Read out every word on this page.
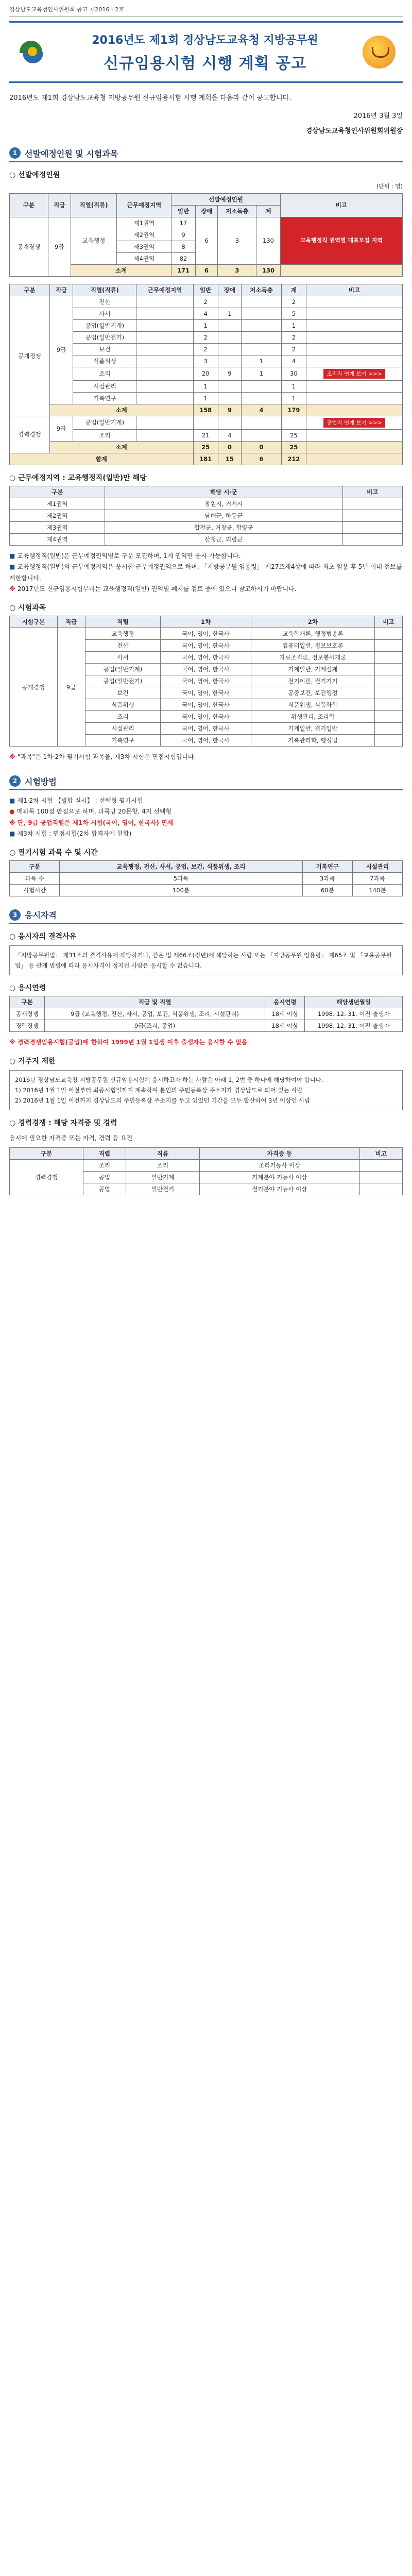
경상남도교육청인사위원회 공고 제2016 - 2호
2016년도 제1회 경상남도교육청 지방공무원
신규임용시험 시행 계획 공고
2016년도 제1회 경상남도교육청 지방공무원 신규임용시험 시행 계획을 다음과 같이 공고합니다.
2016년 3월 3일
경상남도교육청인사위원회위원장
1 선발예정인원 및 시험과목
○ 선발예정인원
(단위 : 명)
구분	직급	직렬(직류)	근무예정지역	선발예정인원				비고
				일반	장애	저소득층	계	
공개경쟁	9급	교육행정	제1권역	17	6	3	130	교육행정직 권역별 대표모집 지역
			제2권역	9				
			제3권역	8				
			제4권역	82				
		소계		171	6	3	130	
구분	직급	직렬(직류)	근무예정지역	일반	장애	저소득층	계	비고
공개경쟁	9급	전산		2			2	
		사서		4	1		5	
		공업(일반기계)		1			1	
		공업(일반전기)		2			2	
		보건		2			2	
		식품위생		3		1	4	
		조리		20	9	1	30	조리직 연계 보기 >>>
		시설관리		1			1	
		기록연구		1			1	
	소계			158	9	4	179	
경력경쟁	9급	공업(일반기계)						공업직 연계 보기 >>>
		조리		21	4		25	
	소계			25	0	0	25	
합계				181	15	6	212	
○ 근무예정지역 : 교육행정직(일반)만 해당
구분	해당 시·군	비고
제1권역	창원시, 거제시	
제2권역	남해군, 하동군	
제3권역	합천군, 거창군, 함양군	
제4권역	산청군, 의령군	
■ 교육행정직(일반)은 근무예정권역별로 구분 모집하며, 1개 권역만 응시 가능합니다.
■ 교육행정직(일반)의 근무예정지역은 응시한 근무예정권역으로 하며, 「지방공무원 임용령」 제27조제4항에 따라 최초 임용 후 5년 이내 전보를 제한합니다.
※ 2017년도 신규임용시험부터는 교육행정직(일반) 권역별 폐지를 검토 중에 있으니 참고하시기 바랍니다.
○ 시험과목
시험구분	직급	직렬	1차	2차	비고
공개경쟁	9급	교육행정	국어, 영어, 한국사	교육학개론, 행정법총론	
		전산	국어, 영어, 한국사	컴퓨터일반, 정보보호론	
		사서	국어, 영어, 한국사	자료조직론, 정보봉사개론	
		공업(일반기계)	국어, 영어, 한국사	기계일반, 기계설계	
		공업(일반전기)	국어, 영어, 한국사	전기이론, 전기기기	
		보건	국어, 영어, 한국사	공중보건, 보건행정	
		식품위생	국어, 영어, 한국사	식품위생, 식품화학	
		조리	국어, 영어, 한국사	위생관리, 조리학	
		시설관리	국어, 영어, 한국사	기계일반, 전기일반	
		기록연구	국어, 영어, 한국사	기록관리학, 행정법	
※ "과목"은 1차·2차 필기시험 과목을, 제3차 시험은 면접시험입니다.
2 시험방법
■ 제1·2차 시험 【병합 실시】 : 선택형 필기시험
● 매과목 100점 만점으로 하며, 과목당 20문항, 4지 선택형
※ 단, 9급 공업직렬은 제1차 시험(국어, 영어, 한국사) 면제
■ 제3차 시험 : 면접시험(2차 합격자에 한함)
○ 필기시험 과목 수 및 시간
구분	교육행정, 전산, 사서, 공업, 보건, 식품위생, 조리	기록연구	시설관리
과목 수	5과목	3과목	7과목
시험시간	100분	60분	140분
3 응시자격
○ 응시자의 결격사유
「지방공무원법」 제31조의 결격사유에 해당하거나, 같은 법 제66조(정년)에 해당하는 사람 또는 「지방공무원 임용령」 제65조 및 「교육공무원법」 등 관계 법령에 따라 응시자격이 정지된 사람은 응시할 수 없습니다.
○ 응시연령
구분	직급 및 직렬	응시연령	해당생년월일
공개경쟁	9급 (교육행정, 전산, 사서, 공업, 보건, 식품위생, 조리, 시설관리)	18세 이상	1998. 12. 31. 이전 출생자
경력경쟁	9급(조리, 공업)	18세 이상	1998. 12. 31. 이전 출생자
※ 경력경쟁임용시험(공업)에 한하여 1999년 1월 1일생 이후 출생자는 응시할 수 없음
○ 거주지 제한
2016년 경상남도교육청 지방공무원 신규임용시험에 응시하고자 하는 사람은 아래 1, 2번 중 하나에 해당하여야 합니다.
1) 2016년 1월 1일 이전부터 최종시험일까지 계속하여 본인의 주민등록상 주소지가 경상남도로 되어 있는 사람
2) 2016년 1월 1일 이전까지 경상남도의 주민등록상 주소지를 두고 있었던 기간을 모두 합산하여 3년 이상인 사람
○ 경력경쟁 : 해당 자격증 및 경력
응시에 필요한 자격증 또는 자격, 경력 등 요건
구분	직렬	직류	자격증 등	비고
경력경쟁	조리	조리	조리기능사 이상	
	공업	일반기계	기계분야 기능사 이상	
	공업	일반전기	전기분야 기능사 이상	
